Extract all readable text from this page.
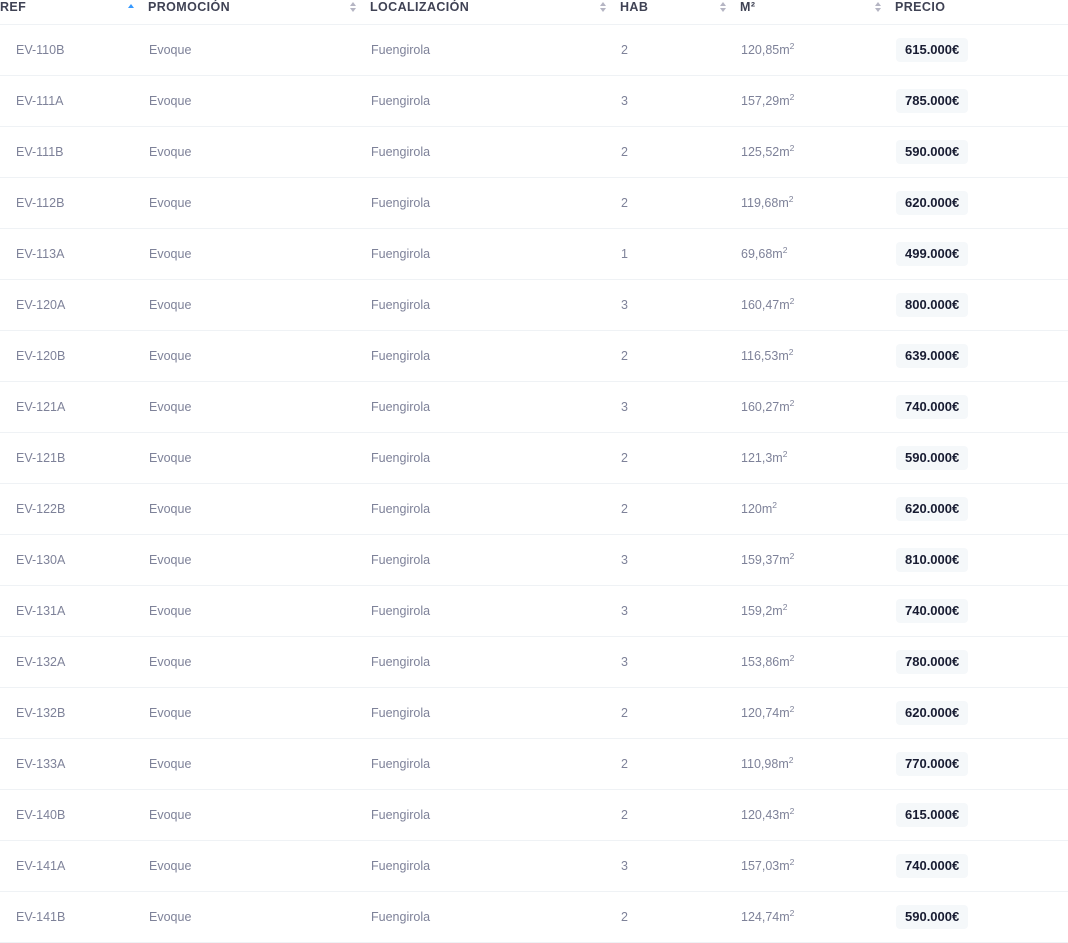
REF	PROMOCIÓN	LOCALIZACIÓN	HAB	M²	PRECIO

EV-110B	Evoque	Fuengirola	2	$120,85m^2$	615.000€
EV-111A	Evoque	Fuengirola	3	$157,29m^2$	785.000€
EV-111B	Evoque	Fuengirola	2	$125,52m^2$	590.000€
EV-112B	Evoque	Fuengirola	2	$119,68m^2$	620.000€
EV-113A	Evoque	Fuengirola	1	$69,68m^2$	499.000€
EV-120A	Evoque	Fuengirola	3	$160,47m^2$	800.000€
EV-120B	Evoque	Fuengirola	2	$116,53m^2$	639.000€
EV-121A	Evoque	Fuengirola	3	$160,27m^2$	740.000€
EV-121B	Evoque	Fuengirola	2	$121,3m^2$	590.000€
EV-122B	Evoque	Fuengirola	2	$120m^2$	620.000€
EV-130A	Evoque	Fuengirola	3	$159,37m^2$	810.000€
EV-131A	Evoque	Fuengirola	3	$159,2m^2$	740.000€
EV-132A	Evoque	Fuengirola	3	$153,86m^2$	780.000€
EV-132B	Evoque	Fuengirola	2	$120,74m^2$	620.000€
EV-133A	Evoque	Fuengirola	2	$110,98m^2$	770.000€
EV-140B	Evoque	Fuengirola	2	$120,43m^2$	615.000€
EV-141A	Evoque	Fuengirola	3	$157,03m^2$	740.000€
EV-141B	Evoque	Fuengirola	2	$124,74m^2$	590.000€
